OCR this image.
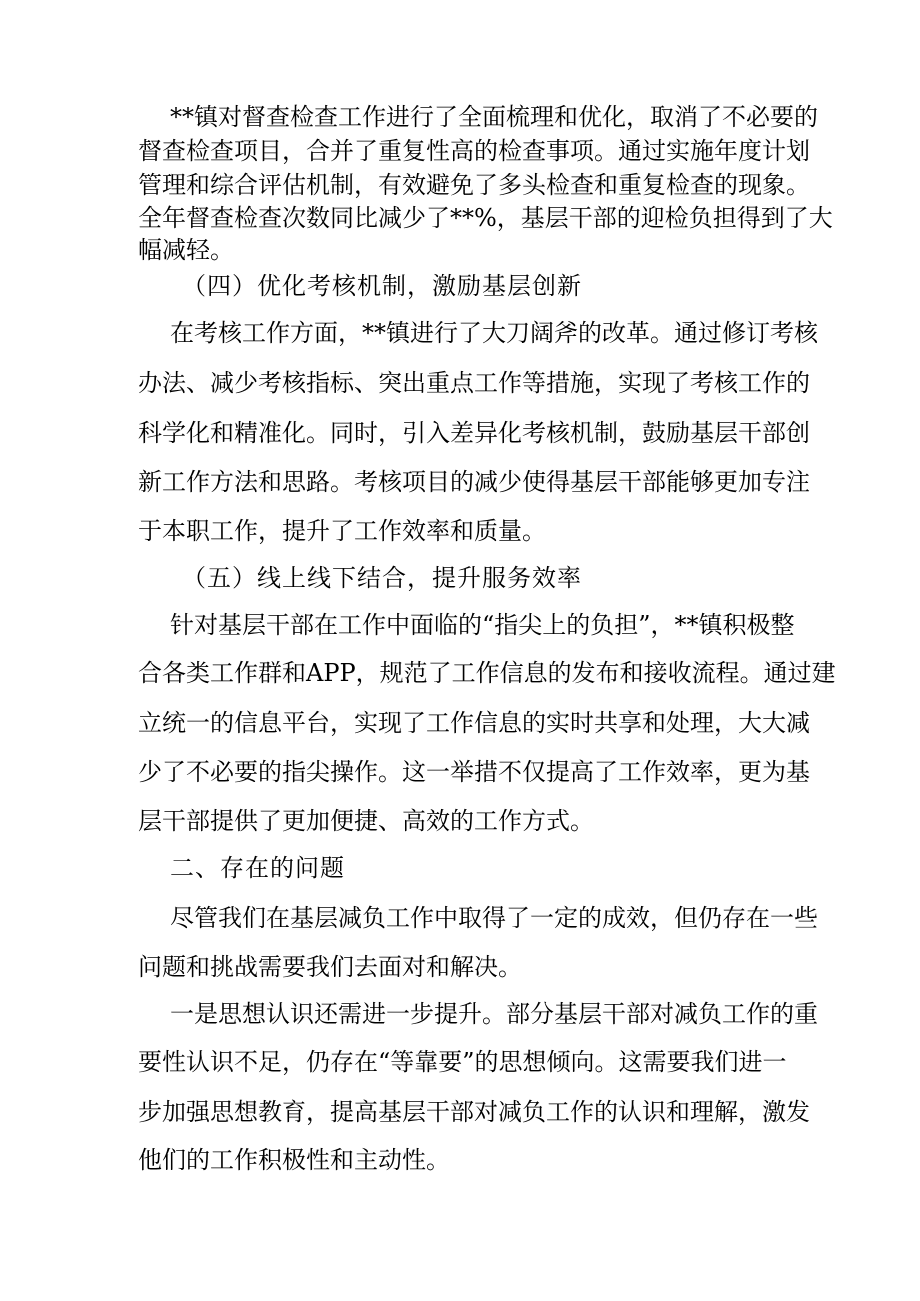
**镇对督查检查工作进行了全面梳理和优化，取消了不必要的
督查检查项目，合并了重复性高的检查事项。通过实施年度计划
管理和综合评估机制，有效避免了多头检查和重复检查的现象。
全年督查检查次数同比减少了**%，基层干部的迎检负担得到了大
幅减轻。
（四）优化考核机制，激励基层创新
在考核工作方面，**镇进行了大刀阔斧的改革。通过修订考核
办法、减少考核指标、突出重点工作等措施，实现了考核工作的
科学化和精准化。同时，引入差异化考核机制，鼓励基层干部创
新工作方法和思路。考核项目的减少使得基层干部能够更加专注
于本职工作，提升了工作效率和质量。
（五）线上线下结合，提升服务效率
针对基层干部在工作中面临的“指尖上的负担”，**镇积极整
合各类工作群和APP，规范了工作信息的发布和接收流程。通过建
立统一的信息平台，实现了工作信息的实时共享和处理，大大减
少了不必要的指尖操作。这一举措不仅提高了工作效率，更为基
层干部提供了更加便捷、高效的工作方式。
二、存在的问题
尽管我们在基层减负工作中取得了一定的成效，但仍存在一些
问题和挑战需要我们去面对和解决。
一是思想认识还需进一步提升。部分基层干部对减负工作的重
要性认识不足，仍存在“等靠要”的思想倾向。这需要我们进一
步加强思想教育，提高基层干部对减负工作的认识和理解，激发
他们的工作积极性和主动性。
